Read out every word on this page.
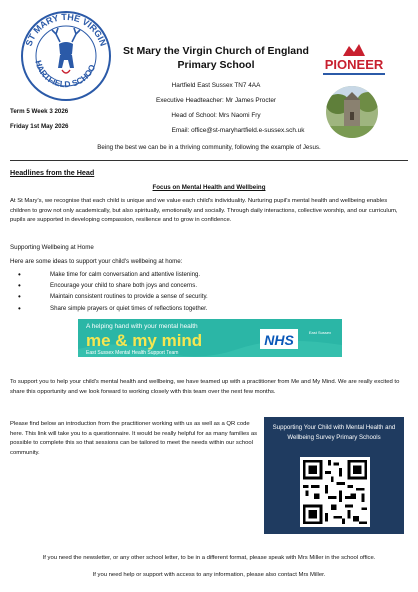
ST MARY THE VIRGIN
HARTFIELD SCHOO
St Mary the Virgin Church of England Primary School
Hartfield East Sussex TN7 4AA
Executive Headteacher: Mr James Procter
Head of School: Mrs Naomi Fry
Email: office@st-maryhartfield.e-sussex.sch.uk
Term 5 Week 3 2026
Friday 1st May 2026
PIONEER
Being the best we can be in a thriving community, following the example of Jesus.
Headlines from the Head
Focus on Mental Health and Wellbeing
At St Mary's, we recognise that each child is unique and we value each child's individuality. Nurturing pupil's mental health and wellbeing enables children to grow not only academically, but also spiritually, emotionally and socially. Through daily interactions, collective worship, and our curriculum, pupils are supported in developing compassion, resilience and to grow in confidence.
Supporting Wellbeing at Home
Here are some ideas to support your child's wellbeing at home:
• Make time for calm conversation and attentive listening.
• Encourage your child to share both joys and concerns.
• Maintain consistent routines to provide a sense of security.
• Share simple prayers or quiet times of reflections together.
A helping hand with your mental health
me & my mind
East Sussex Mental Health Support Team
NHS	East Sussex
To support you to help your child's mental health and wellbeing, we have teamed up with a practitioner from Me and My Mind. We are really excited to share this opportunity and we look forward to working closely with this team over the next few months.
Please find below an introduction from the practitioner working with us as well as a QR code here. This link will take you to a questionnaire. It would be really helpful for as many families as possible to complete this so that sessions can be tailored to meet the needs within our school community.
Supporting Your Child with Mental Health and Wellbeing Survey Primary Schools
If you need the newsletter, or any other school letter, to be in a different format, please speak with Mrs Miller in the school office.
If you need help or support with access to any information, please also contact Mrs Miller.
